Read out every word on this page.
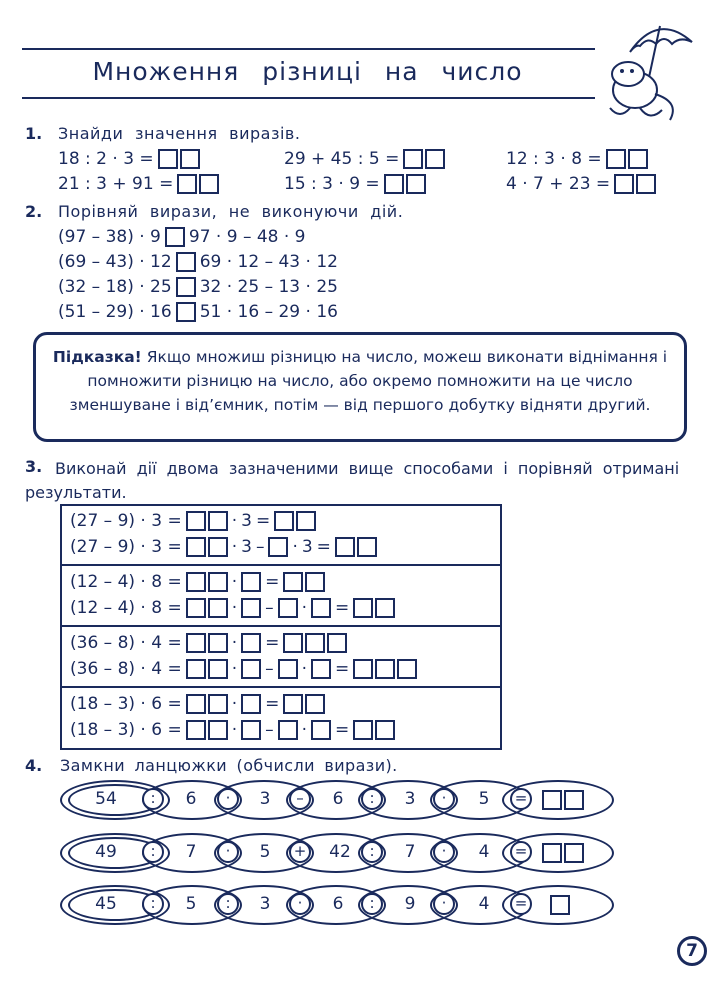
Множення різниці на число
1. Знайди значення виразів.
18 : 2 · 3 =	29 + 45 : 5 =	12 : 3 · 8 =
21 : 3 + 91 =	15 : 3 · 9 =	4 · 7 + 23 =
2. Порівняй вирази, не виконуючи дій.
(97 – 38) · 9 97 · 9 – 48 · 9
(69 – 43) · 12 69 · 12 – 43 · 12
(32 – 18) · 25 32 · 25 – 13 · 25
(51 – 29) · 16 51 · 16 – 29 · 16
Підказка! Якщо множиш різницю на число, можеш виконати віднімання і помножити різницю на число, або окремо помножити на це число зменшуване і від’ємник, потім — від першого добутку відняти другий.
3. Виконай дії двома зазначеними вище способами і порівняй отримані результати.
(27 – 9) · 3 =	· 3 =
(27 – 9) · 3 =	· 3 – · 3 =
(12 – 4) · 8 =	· =
(12 – 4) · 8 =	· – · =
(36 – 8) · 4 =	· =
(36 – 8) · 4 =	· – · =
(18 – 3) · 6 =	· =
(18 – 3) · 6 =	· – · =
4. Замкни ланцюжки (обчисли вирази).
54	:	6	·	3	–	6	:	3	·	5	=
49	:	7	·	5	+ 42	:	7	·	4	=
45	:	5	:	3	·	6	:	9	·	4	=
7
